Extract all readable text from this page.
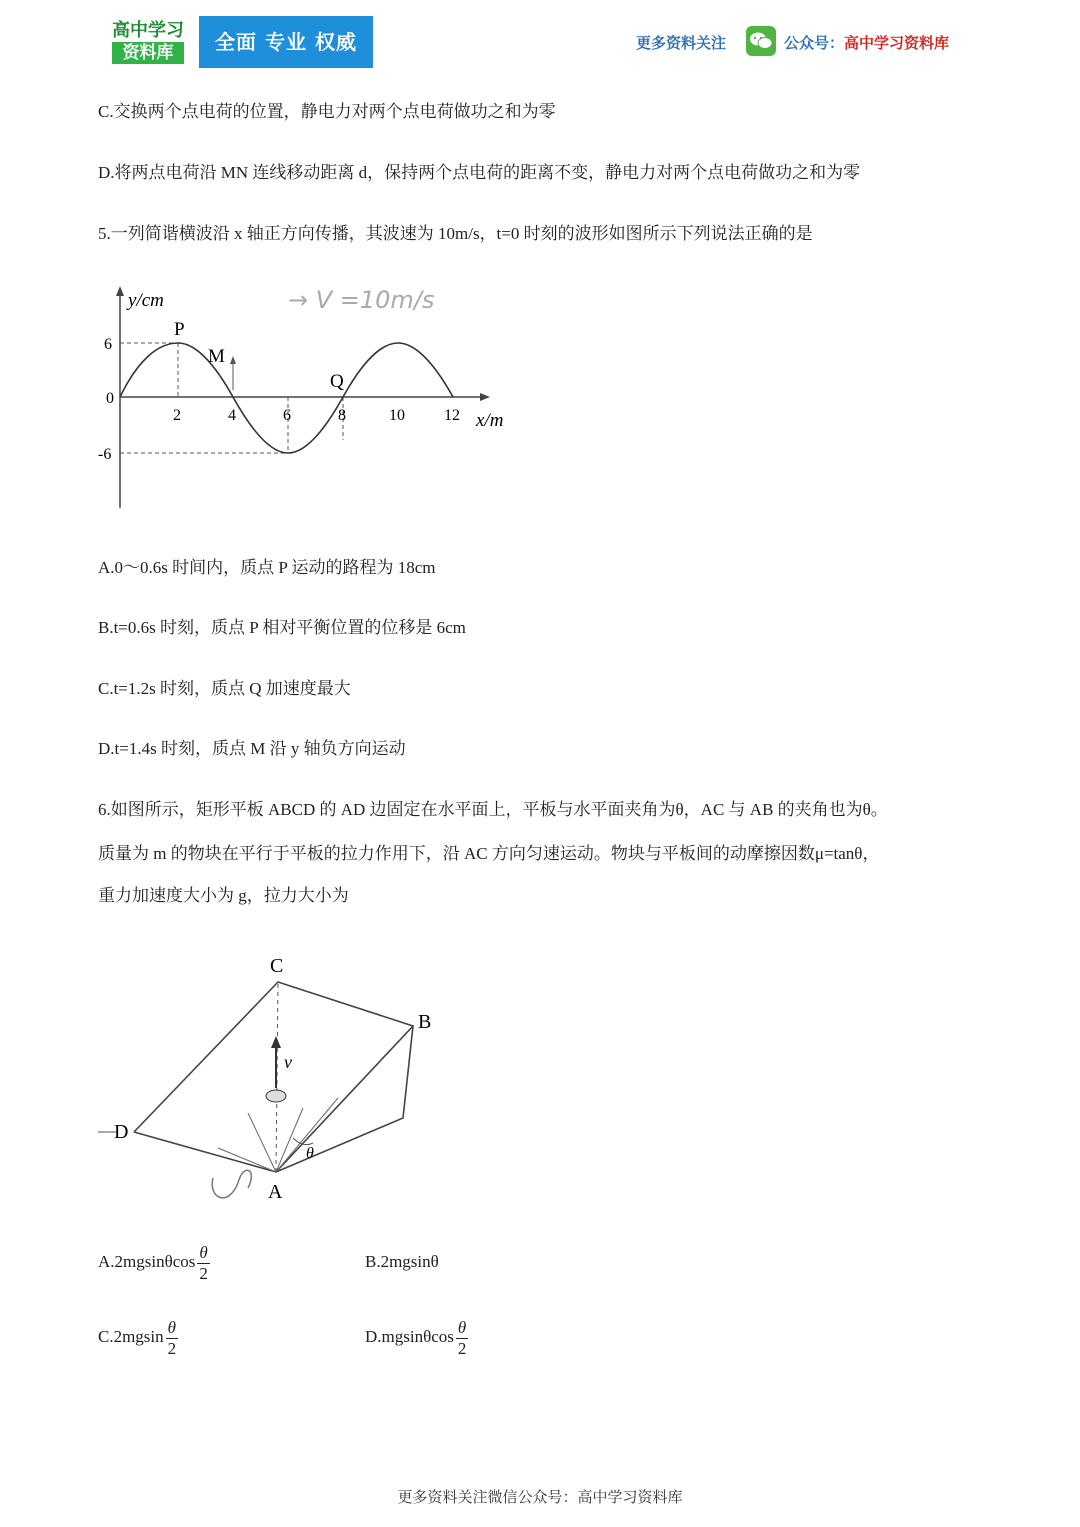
高中学习
资料库	全面 专业 权威	更多资料关注	公众号：高中学习资料库
C.交换两个点电荷的位置，静电力对两个点电荷做功之和为零
D.将两点电荷沿 MN 连线移动距离 d，保持两个点电荷的距离不变，静电力对两个点电荷做功之和为零
5.一列简谐横波沿 x 轴正方向传播，其波速为 10m/s，t=0 时刻的波形如图所示下列说法正确的是
y/cm
x/m
→ V =10m/s
P
M
Q
6
0
-6
2	4	6	8	10 12
A.0～0.6s 时间内，质点 P 运动的路程为 18cm
B.t=0.6s 时刻，质点 P 相对平衡位置的位移是 6cm
C.t=1.2s 时刻，质点 Q 加速度最大
D.t=1.4s 时刻，质点 M 沿 y 轴负方向运动
6.如图所示，矩形平板 ABCD 的 AD 边固定在水平面上，平板与水平面夹角为θ，AC 与 AB 的夹角也为θ。
质量为 m 的物块在平行于平板的拉力作用下，沿 AC 方向匀速运动。物块与平板间的动摩擦因数μ=tanθ，
重力加速度大小为 g，拉力大小为
C
B
D
A
v
θ
$A.2mgsin\theta\cos \frac{\theta}{2}$	B.2mgsinθ
$C.2mgsin \frac{\theta}{2}$	$D.mgsin\theta\cos \frac{\theta}{2}$
更多资料关注微信公众号：高中学习资料库
